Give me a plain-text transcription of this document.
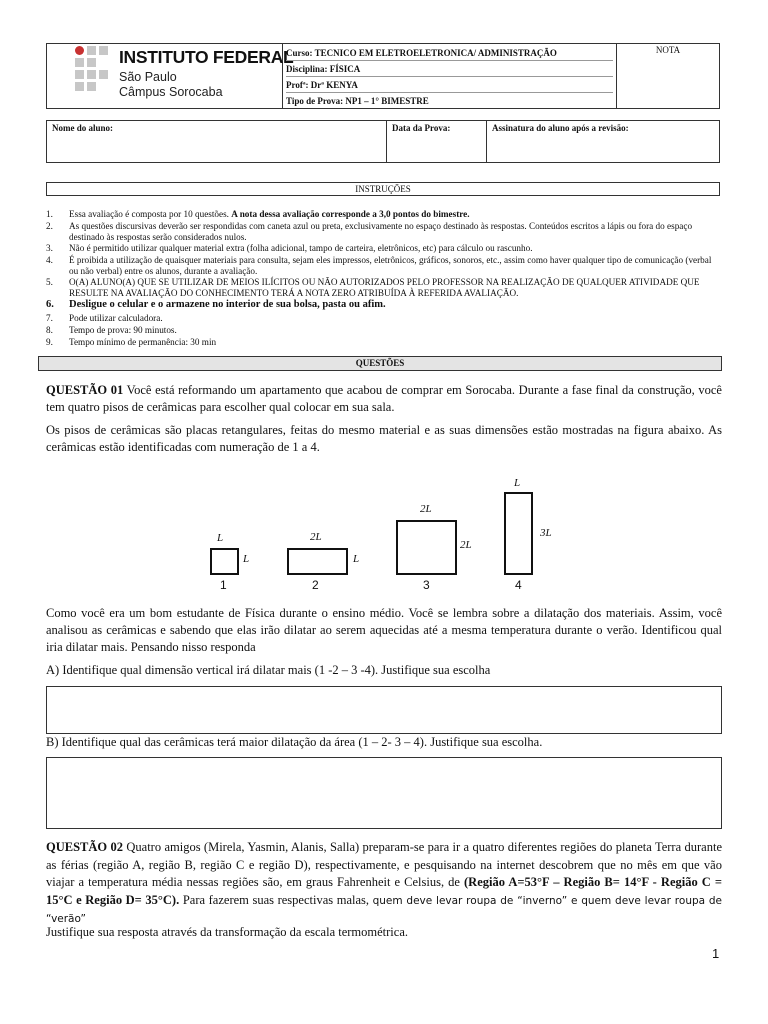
INSTITUTO FEDERAL
São Paulo
Câmpus Sorocaba
Curso: TECNICO EM ELETROELETRONICA/ ADMINISTRAÇÃO
Disciplina: FÍSICA
Profª: Drª KENYA
Tipo de Prova: NP1 – 1° BIMESTRE
NOTA
Nome do aluno:	Data da Prova:	Assinatura do aluno após a revisão:
INSTRUÇÕES
1. Essa avaliação é composta por 10 questões. A nota dessa avaliação corresponde a 3,0 pontos do bimestre.
2. As questões discursivas deverão ser respondidas com caneta azul ou preta, exclusivamente no espaço destinado às respostas. Conteúdos escritos a lápis ou fora do espaço destinado às respostas serão considerados nulos.
3. Não é permitido utilizar qualquer material extra (folha adicional, tampo de carteira, eletrônicos, etc) para cálculo ou rascunho.
4. É proibida a utilização de quaisquer materiais para consulta, sejam eles impressos, eletrônicos, gráficos, sonoros, etc., assim como haver qualquer tipo de comunicação (verbal ou não verbal) entre os alunos, durante a avaliação.
5. O(A) ALUNO(A) QUE SE UTILIZAR DE MEIOS ILÍCITOS OU NÃO AUTORIZADOS PELO PROFESSOR NA REALIZAÇÃO DE QUALQUER ATIVIDADE QUE RESULTE NA AVALIAÇÃO DO CONHECIMENTO TERÁ A NOTA ZERO ATRIBUÍDA À REFERIDA AVALIAÇÃO.
6. Desligue o celular e o armazene no interior de sua bolsa, pasta ou afim.
7. Pode utilizar calculadora.
8. Tempo de prova: 90 minutos.
9. Tempo mínimo de permanência: 30 min
QUESTÕES
QUESTÃO 01 Você está reformando um apartamento que acabou de comprar em Sorocaba. Durante a fase final da construção, você tem quatro pisos de cerâmicas para escolher qual colocar em sua sala.
Os pisos de cerâmicas são placas retangulares, feitas do mesmo material e as suas dimensões estão mostradas na figura abaixo. As cerâmicas estão identificadas com numeração de 1 a 4.
L
L
1
2L
L
2
2L
2L
3
L
3L
4
Como você era um bom estudante de Física durante o ensino médio. Você se lembra sobre a dilatação dos materiais. Assim, você analisou as cerâmicas e sabendo que elas irão dilatar ao serem aquecidas até a mesma temperatura durante o verão. Identificou qual iria dilatar mais. Pensando nisso responda
A) Identifique qual dimensão vertical irá dilatar mais (1 -2 – 3 -4). Justifique sua escolha
B) Identifique qual das cerâmicas terá maior dilatação da área (1 – 2- 3 – 4). Justifique sua escolha.
QUESTÃO 02 Quatro amigos (Mirela, Yasmin, Alanis, Salla) preparam-se para ir a quatro diferentes regiões do planeta Terra durante as férias (região A, região B, região C e região D), respectivamente, e pesquisando na internet descobrem que no mês em que vão viajar a temperatura média nessas regiões são, em graus Fahrenheit e Celsius, de (Região A=53°F – Região B= 14°F - Região C = 15°C e Região D= 35°C). Para fazerem suas respectivas malas, quem deve levar roupa de “inverno” e quem deve levar roupa de “verão”
Justifique sua resposta através da transformação da escala termométrica.
1
